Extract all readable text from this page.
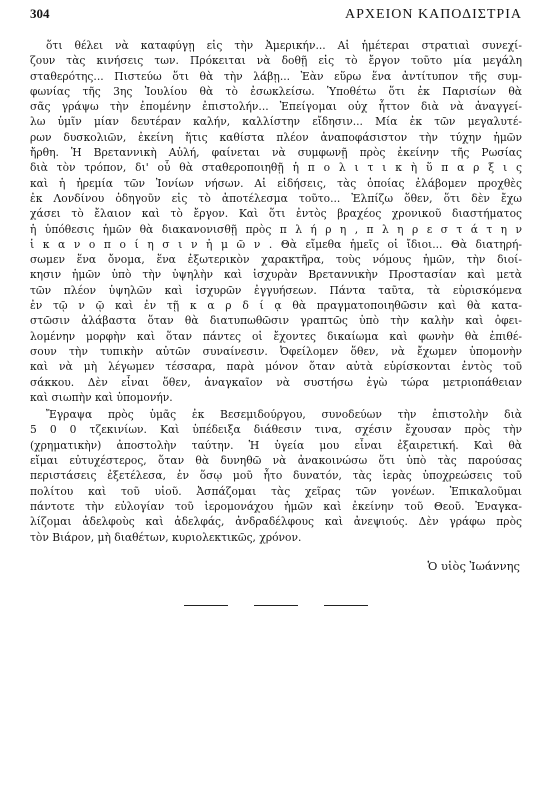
304	ΑΡΧΕΙΟΝ ΚΑΠΟΔΙΣΤΡΙΑ
ὅτι θέλει νὰ καταφύγῃ εἰς τὴν Ἀμερικήν... Αἱ ἡμέτεραι στρατιαὶ συνεχί-
ζουν τὰς κινήσεις των. Πρόκειται νὰ δοθῇ εἰς τὸ ἔργον τοῦτο μία μεγάλη
σταθερότης... Πιστεύω ὅτι θὰ τὴν λάβῃ... Ἐὰν εὕρω ἕνα ἀντίτυπον τῆς συμ-
φωνίας τῆς 3ης Ἰουλίου θὰ τὸ ἐσωκλείσω. Ὑποθέτω ὅτι ἐκ Παρισίων θὰ
σᾶς γράψω τὴν ἐπομένην ἐπιστολήν... Ἐπείγομαι οὐχ ἧττον διὰ νὰ ἀναγγεί-
λω ὑμῖν μίαν δευτέραν καλήν, καλλίστην εἴδησιν... Μία ἐκ τῶν μεγαλυτέ-
ρων δυσκολιῶν, ἐκείνη ἥτις καθίστα πλέον ἀναποφάσιστον τὴν τύχην ἡμῶν
ἤρθη. Ἡ Βρεταννικὴ Αὐλή, φαίνεται νὰ συμφωνῇ πρὸς ἐκείνην τῆς Ρωσίας
διὰ τὸν τρόπον, δι' οὗ θὰ σταθεροποιηθῇ ἡ π ο λ ι τ ι κ ὴ ὕ π α ρ ξ ι ς
καὶ ἡ ἠρεμία τῶν Ἰονίων νήσων. Αἱ εἰδήσεις, τὰς ὁποίας ἐλάβομεν προχθὲς
ἐκ Λονδίνου ὁδηγοῦν εἰς τὸ ἀποτέλεσμα τοῦτο... Ἐλπίζω ὅθεν, ὅτι δὲν ἔχω
χάσει τὸ ἔλαιον καὶ τὸ ἔργον. Καὶ ὅτι ἐντὸς βραχέος χρονικοῦ διαστήματος
ἡ ὑπόθεσις ἡμῶν θὰ διακανονισθῇ πρὸς π λ ή ρ η , π λ η ρ ε σ τ ά τ η ν
ἱ κ α ν ο π ο ί η σ ι ν ἡ μ ῶ ν . Θὰ εἴμεθα ἡμεῖς οἱ ἴδιοι... Θὰ διατηρή-
σωμεν ἕνα ὄνομα, ἕνα ἐξωτερικὸν χαρακτῆρα, τοὺς νόμους ἡμῶν, τὴν διοί-
κησιν ἡμῶν ὑπὸ τὴν ὑψηλὴν καὶ ἰσχυρὰν Βρεταννικὴν Προστασίαν καὶ μετὰ
τῶν πλέον ὑψηλῶν καὶ ἰσχυρῶν ἐγγυήσεων. Πάντα ταῦτα, τὰ εὑρισκόμενα
ἐν τῷ ν ῷ καὶ ἐν τῇ κ α ρ δ ί ᾳ θὰ πραγματοποιηθῶσιν καὶ θὰ κατα-
στῶσιν ἀλάβαστα ὅταν θὰ διατυπωθῶσιν γραπτῶς ὑπὸ τὴν καλὴν καὶ ὀφει-
λομένην μορφὴν καὶ ὅταν πάντες οἱ ἔχοντες δικαίωμα καὶ φωνὴν θὰ ἐπιθέ-
σουν τὴν τυπικὴν αὐτῶν συναίνεσιν. Ὀφείλομεν ὅθεν, νὰ ἔχωμεν ὑπομονὴν
καὶ νὰ μὴ λέγωμεν τέσσαρα, παρὰ μόνον ὅταν αὐτὰ εὑρίσκονται ἐντὸς τοῦ
σάκκου. Δὲν εἶναι ὅθεν, ἀναγκαῖον νὰ συστήσω ἐγὼ τώρα μετριοπάθειαν
καὶ σιωπὴν καὶ ὑπομονήν.
Ἔγραψα πρὸς ὑμᾶς ἐκ Βεσεμιδούργου, συνοδεύων τὴν ἐπιστολὴν διὰ
5 0 0 τζεκινίων. Καὶ ὑπέδειξα διάθεσιν τινα, σχέσιν ἔχουσαν πρὸς τὴν
(χρηματικὴν) ἀποστολὴν ταύτην. Ἡ ὑγεία μου εἶναι ἐξαιρετική. Καὶ θὰ
εἴμαι εὐτυχέστερος, ὅταν θὰ δυνηθῶ νὰ ἀνακοινώσω ὅτι ὑπὸ τὰς παρούσας
περιστάσεις ἐξετέλεσα, ἐν ὅσῳ μοῦ ἦτο δυνατόν, τὰς ἱερὰς ὑποχρεώσεις τοῦ
πολίτου καὶ τοῦ υἱοῦ. Ἀσπάζομαι τὰς χεῖρας τῶν γονέων. Ἐπικαλοῦμαι
πάντοτε τὴν εὐλογίαν τοῦ ἱερομονάχου ἡμῶν καὶ ἐκείνην τοῦ Θεοῦ. Ἐναγκα-
λίζομαι ἀδελφοὺς καὶ ἀδελφάς, ἀνδραδέλφους καὶ ἀνεψιούς. Δὲν γράφω πρὸς
τὸν Βιάρον, μὴ διαθέτων, κυριολεκτικῶς, χρόνον.
Ὁ υἱὸς Ἰωάννης
